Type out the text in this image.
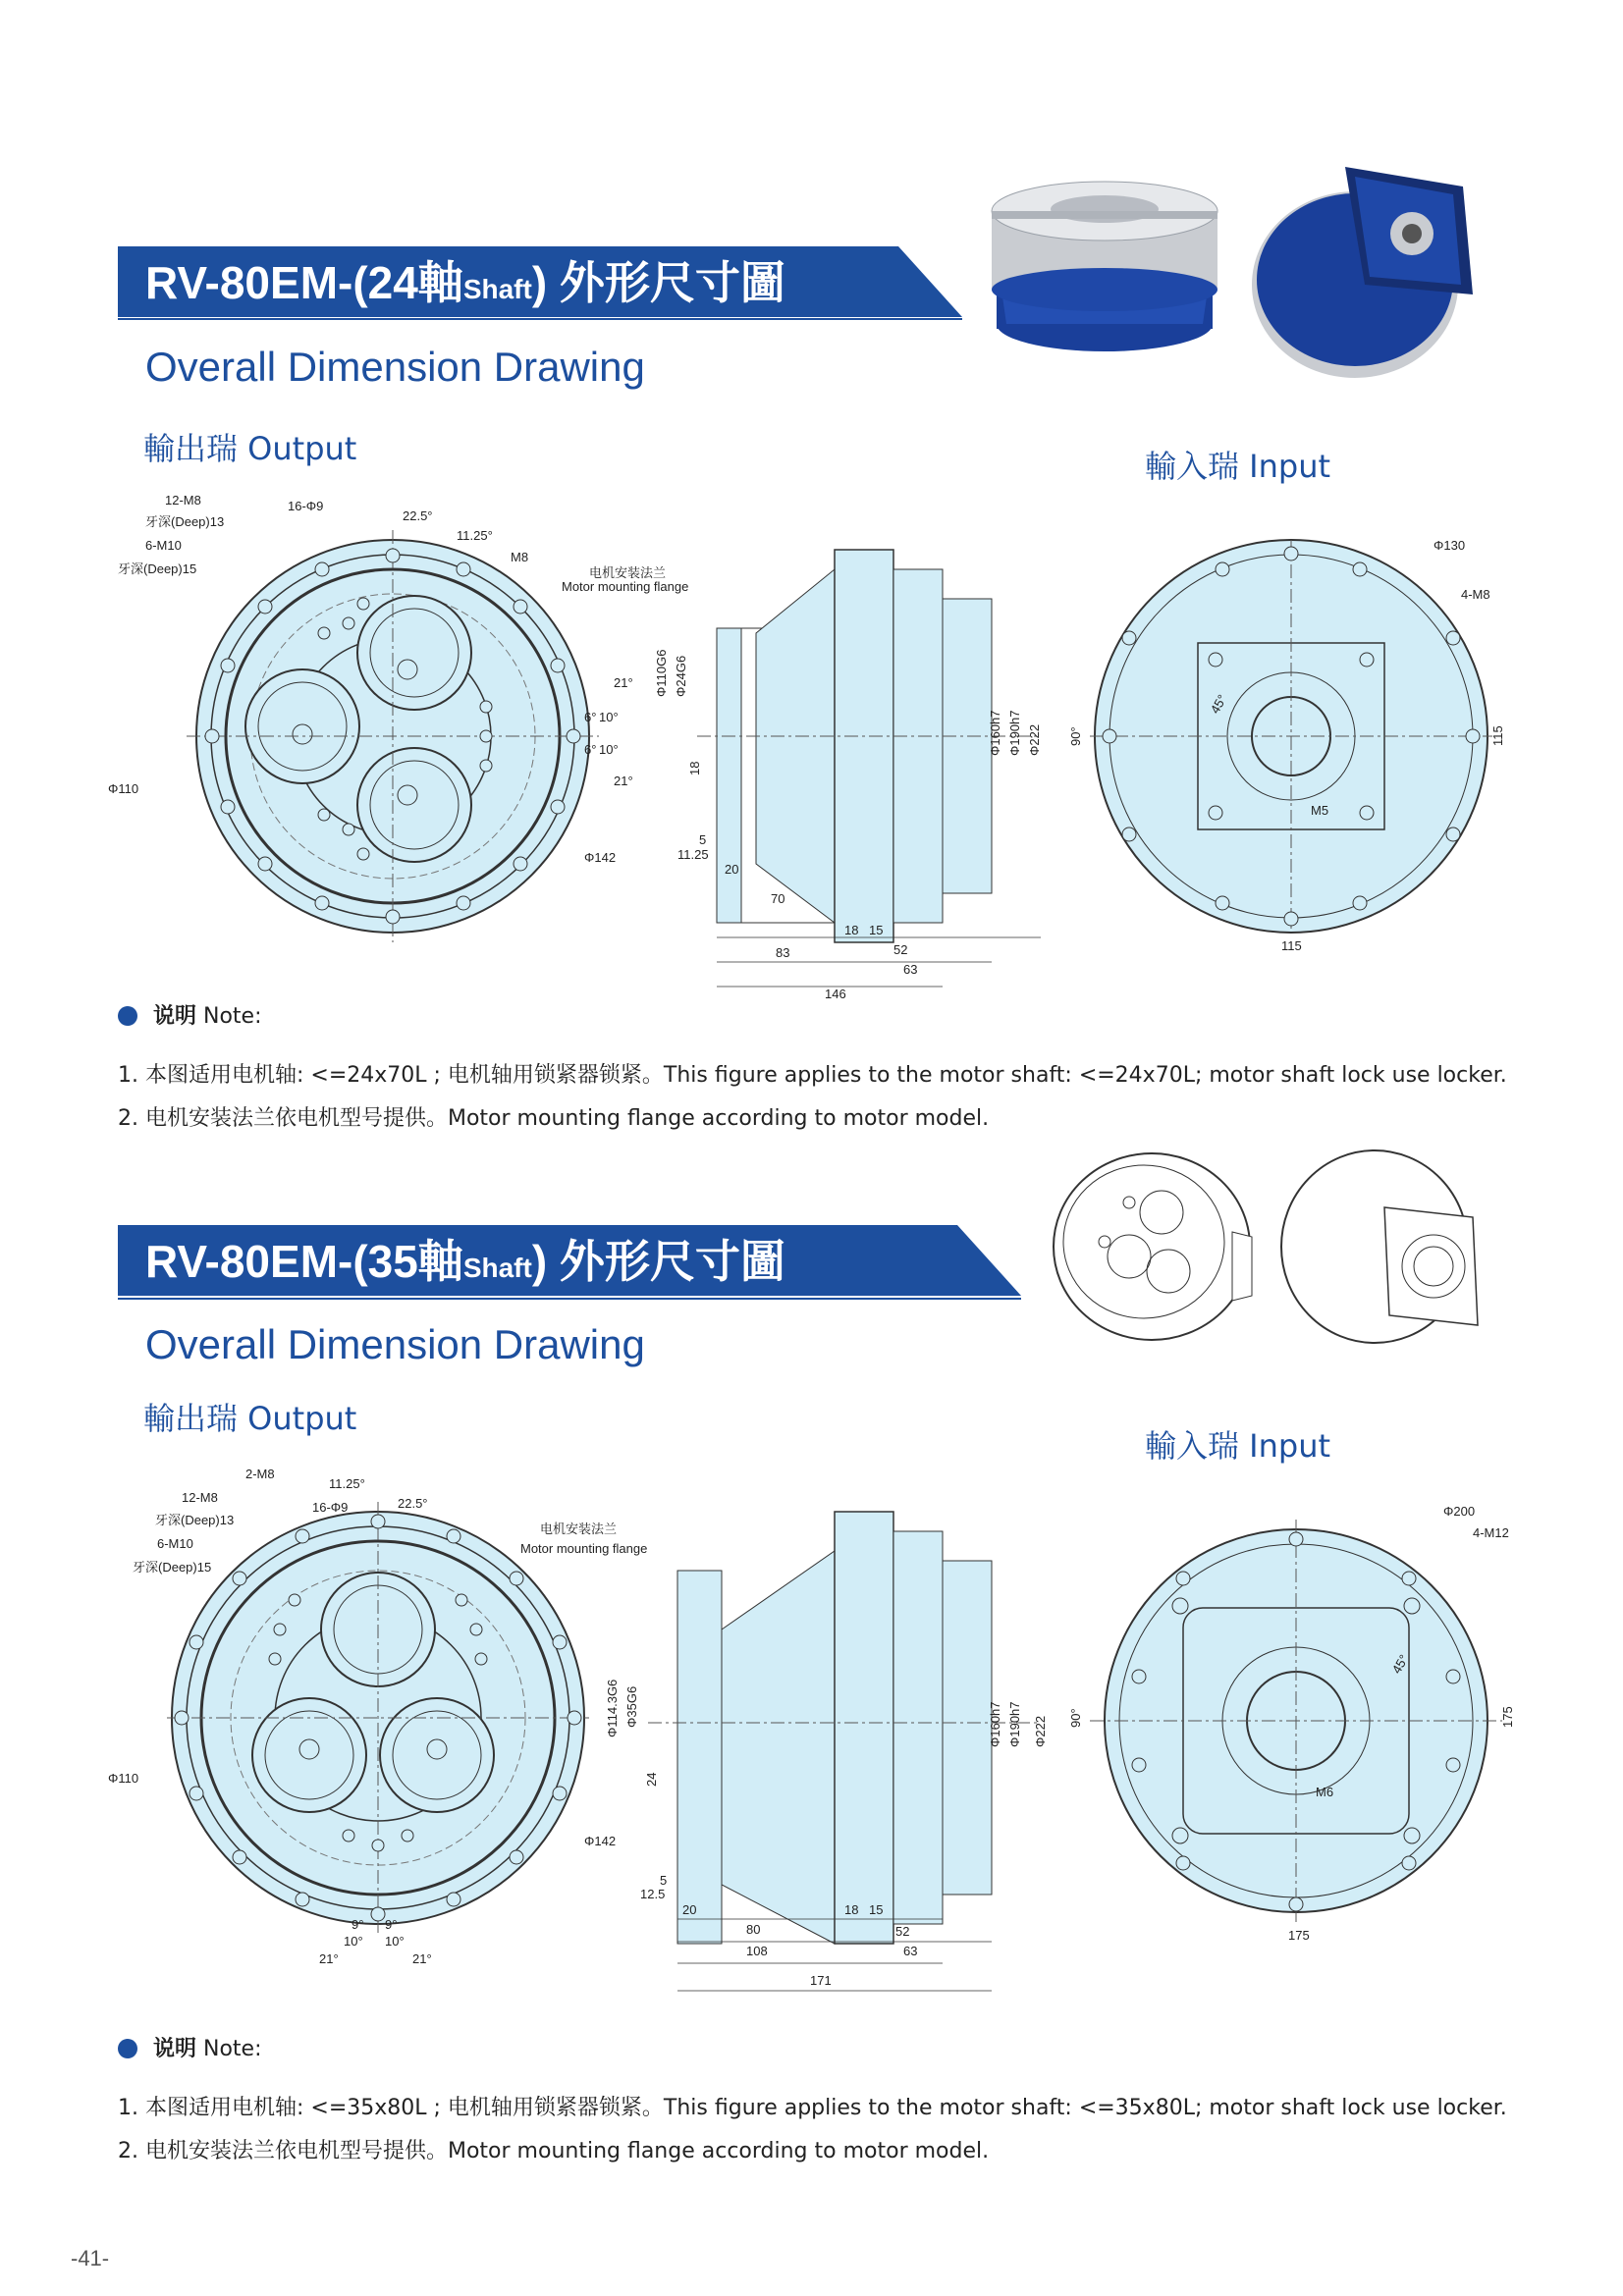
RV-80EM-(24軸Shaft) 外形尺寸圖
Overall Dimension Drawing
輸出瑞 Output	輸入瑞 Input
12-M8
牙深(Deep)13
6-M10
牙深(Deep)15
16-Φ9
22.5°
11.25°
M8
21°
6° 10°
6° 10°
21°
Φ110
Φ142
电机安装法兰
Motor mounting flange
Φ110G6 Φ24G6
18
Φ160h7 Φ190h7 Φ222
5
11.25
20
70
18 15
83	52
63
146
Φ130
4-M8
45°
90°
M5
115
115
说明 Note:
1. 本图适用电机轴: <=24x70L ; 电机轴用锁紧器锁紧。This figure applies to the motor shaft: <=24x70L; motor shaft lock use locker.
2. 电机安装法兰依电机型号提供。Motor mounting flange according to motor model.
RV-80EM-(35軸Shaft) 外形尺寸圖
Overall Dimension Drawing
輸出瑞 Output
輸入瑞 Input
2-M8
11.25°
12-M8
16-Φ9	22.5°
牙深(Deep)13
6-M10
牙深(Deep)15
9° 9°
10° 10°
21°	21°
Φ110
Φ142
电机安装法兰
Motor mounting flange
Φ114.3G6 Φ35G6
24
Φ160h7 Φ190h7 Φ222
5
12.5
20
80
18 15
108
52
63
171
Φ200
4-M12
45°
90°
M6
175
175
说明 Note:
1. 本图适用电机轴: <=35x80L ; 电机轴用锁紧器锁紧。This figure applies to the motor shaft: <=35x80L; motor shaft lock use locker.
2. 电机安装法兰依电机型号提供。Motor mounting flange according to motor model.
-41-
